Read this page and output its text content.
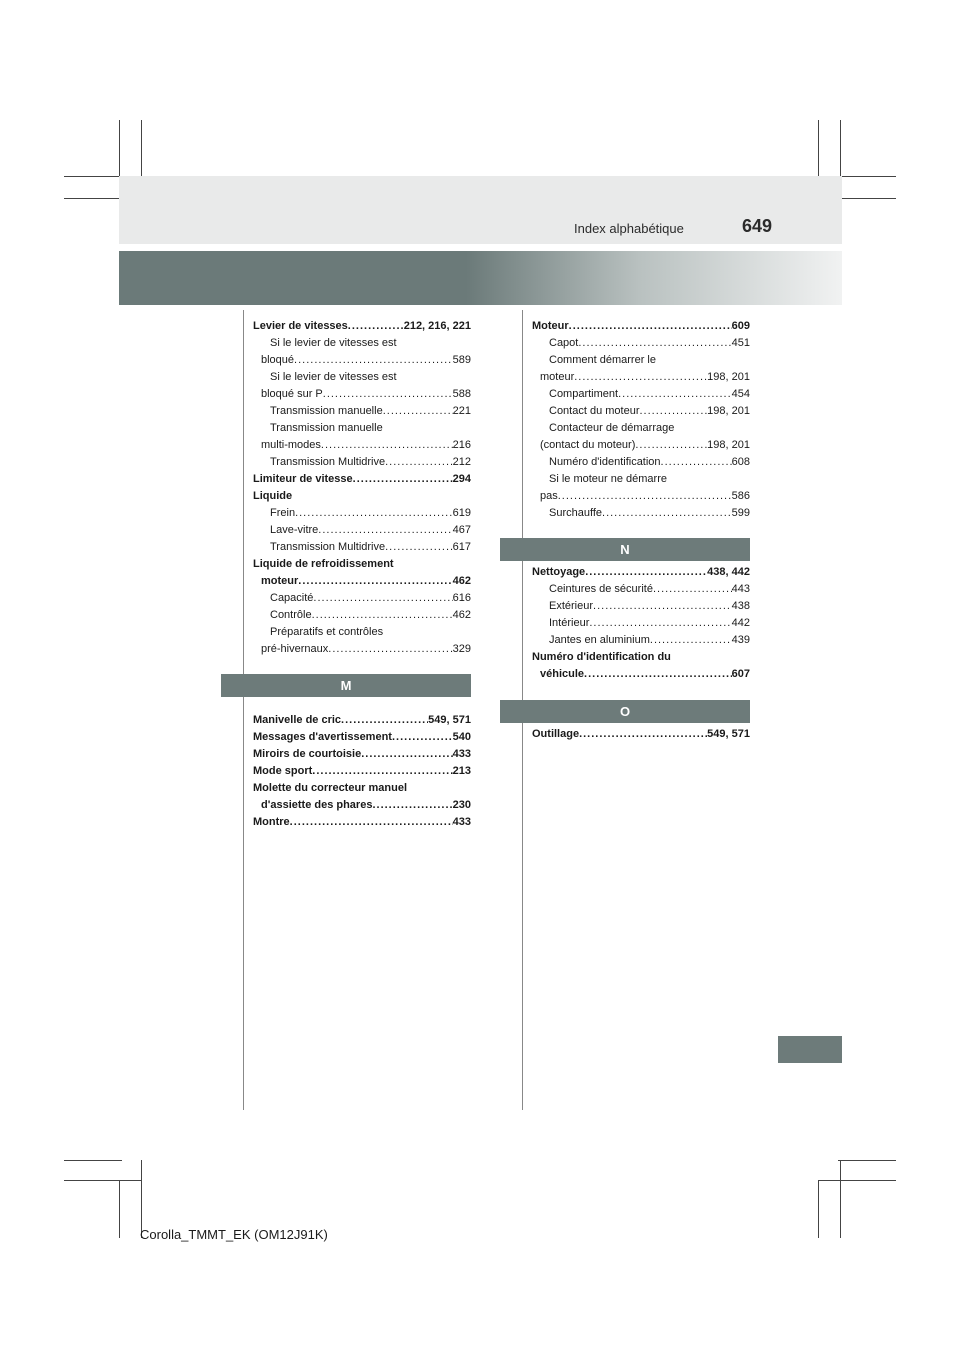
Index alphabétique	649
Levier de vitesses .....	212, 216, 221
Si le levier de vitesses est
bloqué .....	589
Si le levier de vitesses est
bloqué sur P .....	588
Transmission manuelle .....	221
Transmission manuelle
multi-modes .....	216
Transmission Multidrive .....	212
Limiteur de vitesse .....	294
Liquide
Frein .....	619
Lave-vitre .....	467
Transmission Multidrive .....	617
Liquide de refroidissement
moteur .....	462
Capacité .....	616
Contrôle .....	462
Préparatifs et contrôles
pré-hivernaux .....	329
M
Manivelle de cric .....	549, 571
Messages d'avertissement .....	540
Miroirs de courtoisie .....	433
Mode sport .....	213
Molette du correcteur manuel
d'assiette des phares .....	230
Montre .....	433
Moteur .....	609
Capot .....	451
Comment démarrer le
moteur .....	198, 201
Compartiment .....	454
Contact du moteur .....	198, 201
Contacteur de démarrage
(contact du moteur) .....	198, 201
Numéro d'identification .....	608
Si le moteur ne démarre
pas .....	586
Surchauffe .....	599
N
Nettoyage .....	438, 442
Ceintures de sécurité .....	443
Extérieur .....	438
Intérieur .....	442
Jantes en aluminium .....	439
Numéro d'identification du
véhicule .....	607
O
Outillage .....	549, 571
Corolla_TMMT_EK (OM12J91K)
